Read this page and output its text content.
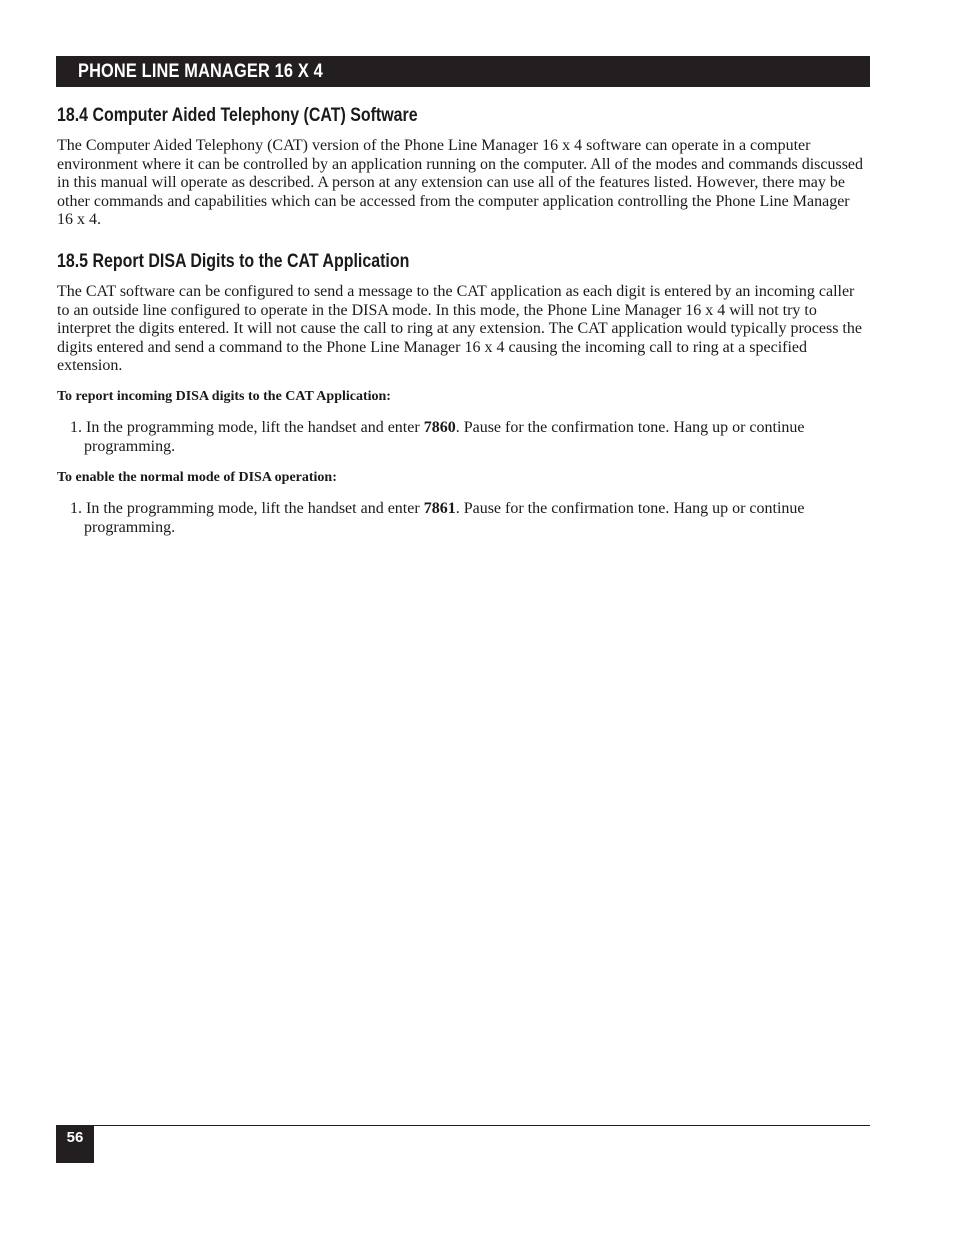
PHONE LINE MANAGER 16 X 4
18.4 Computer Aided Telephony (CAT) Software

The Computer Aided Telephony (CAT) version of the Phone Line Manager 16 x 4 software can operate in a computer environment where it can be controlled by an application running on the computer. All of the modes and commands discussed in this manual will operate as described. A person at any extension can use all of the features listed. However, there may be other commands and capabilities which can be accessed from the computer application controlling the Phone Line Manager 16 x 4.

18.5 Report DISA Digits to the CAT Application

The CAT software can be configured to send a message to the CAT application as each digit is entered by an incoming caller to an outside line configured to operate in the DISA mode. In this mode, the Phone Line Manager 16 x 4 will not try to interpret the digits entered. It will not cause the call to ring at any extension. The CAT application would typically process the digits entered and send a command to the Phone Line Manager 16 x 4 causing the incoming call to ring at a specified extension.

To report incoming DISA digits to the CAT Application:

1. In the programming mode, lift the handset and enter 7860. Pause for the confirmation tone. Hang up or continue programming.

To enable the normal mode of DISA operation:

1. In the programming mode, lift the handset and enter 7861. Pause for the confirmation tone. Hang up or continue programming.
56
